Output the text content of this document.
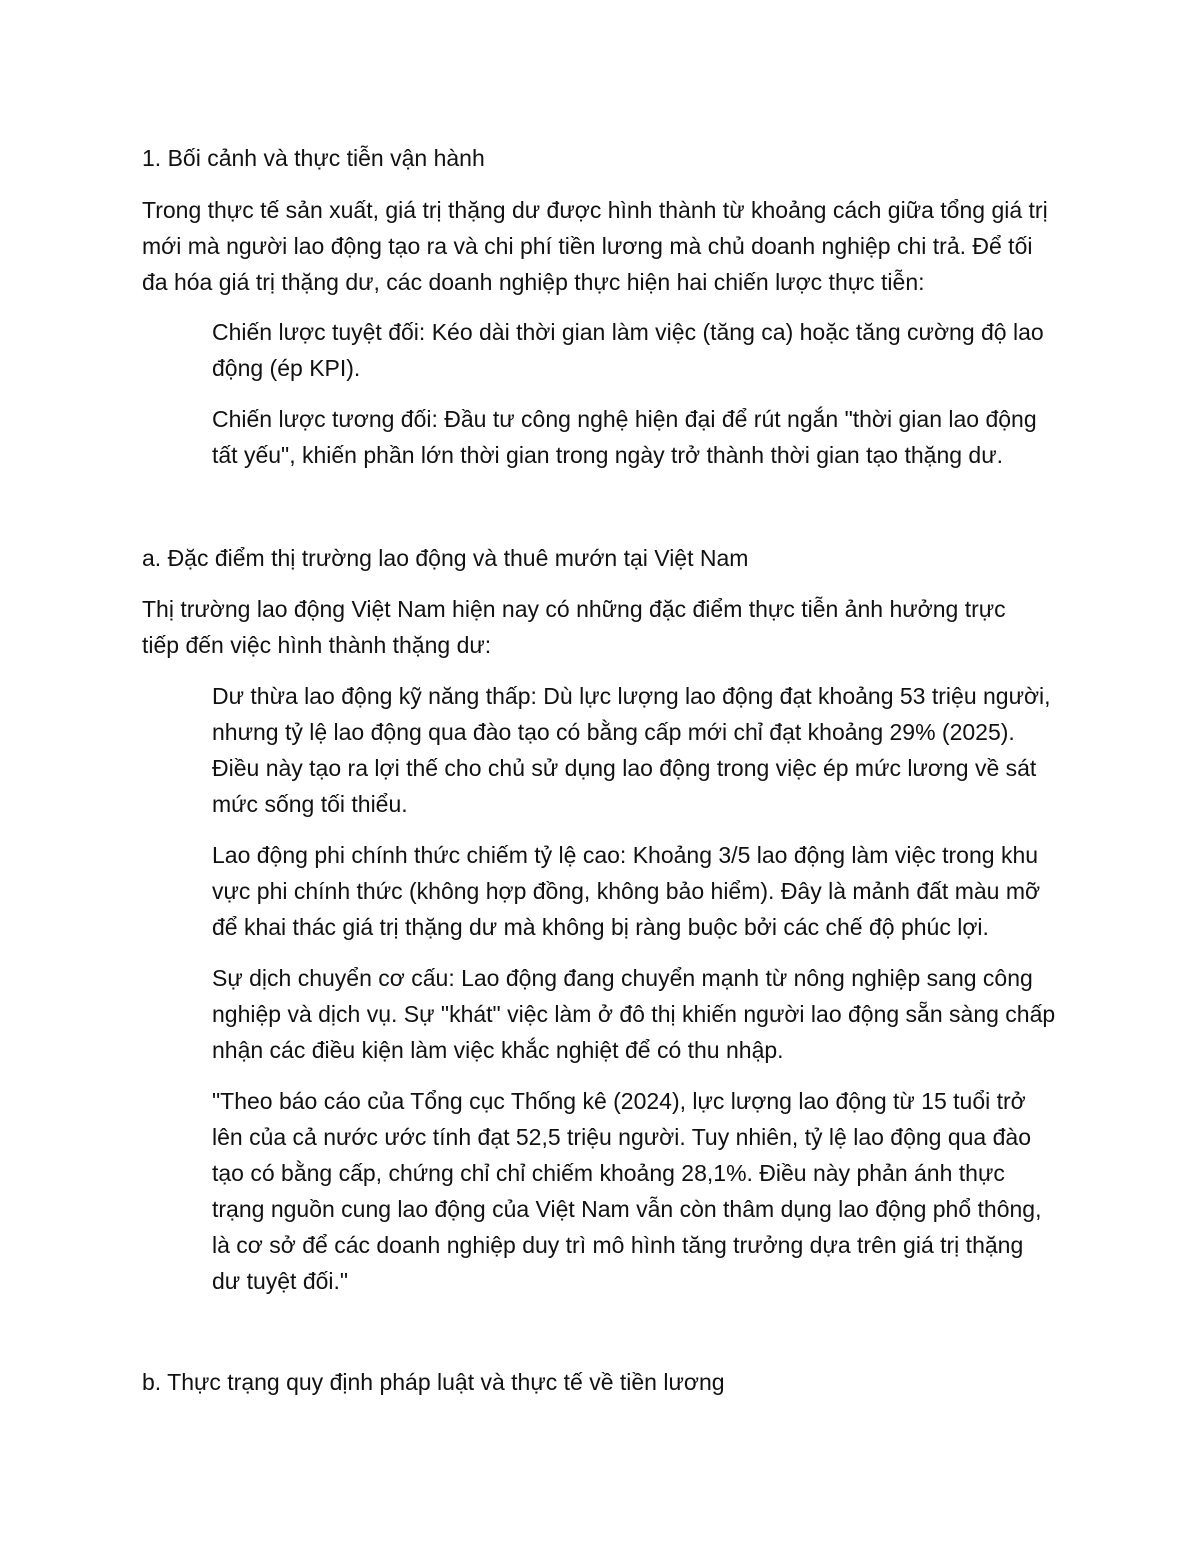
1. Bối cảnh và thực tiễn vận hành

Trong thực tế sản xuất, giá trị thặng dư được hình thành từ khoảng cách giữa tổng giá trị

mới mà người lao động tạo ra và chi phí tiền lương mà chủ doanh nghiệp chi trả. Để tối

đa hóa giá trị thặng dư, các doanh nghiệp thực hiện hai chiến lược thực tiễn:

Chiến lược tuyệt đối: Kéo dài thời gian làm việc (tăng ca) hoặc tăng cường độ lao

động (ép KPI).

Chiến lược tương đối: Đầu tư công nghệ hiện đại để rút ngắn "thời gian lao động

tất yếu", khiến phần lớn thời gian trong ngày trở thành thời gian tạo thặng dư.

a. Đặc điểm thị trường lao động và thuê mướn tại Việt Nam

Thị trường lao động Việt Nam hiện nay có những đặc điểm thực tiễn ảnh hưởng trực

tiếp đến việc hình thành thặng dư:

Dư thừa lao động kỹ năng thấp: Dù lực lượng lao động đạt khoảng 53 triệu người,

nhưng tỷ lệ lao động qua đào tạo có bằng cấp mới chỉ đạt khoảng 29% (2025).

Điều này tạo ra lợi thế cho chủ sử dụng lao động trong việc ép mức lương về sát

mức sống tối thiểu.

Lao động phi chính thức chiếm tỷ lệ cao: Khoảng 3/5 lao động làm việc trong khu

vực phi chính thức (không hợp đồng, không bảo hiểm). Đây là mảnh đất màu mỡ

để khai thác giá trị thặng dư mà không bị ràng buộc bởi các chế độ phúc lợi.

Sự dịch chuyển cơ cấu: Lao động đang chuyển mạnh từ nông nghiệp sang công

nghiệp và dịch vụ. Sự "khát" việc làm ở đô thị khiến người lao động sẵn sàng chấp

nhận các điều kiện làm việc khắc nghiệt để có thu nhập.

"Theo báo cáo của Tổng cục Thống kê (2024), lực lượng lao động từ 15 tuổi trở

lên của cả nước ước tính đạt 52,5 triệu người. Tuy nhiên, tỷ lệ lao động qua đào

tạo có bằng cấp, chứng chỉ chỉ chiếm khoảng 28,1%. Điều này phản ánh thực

trạng nguồn cung lao động của Việt Nam vẫn còn thâm dụng lao động phổ thông,

là cơ sở để các doanh nghiệp duy trì mô hình tăng trưởng dựa trên giá trị thặng

dư tuyệt đối."

b. Thực trạng quy định pháp luật và thực tế về tiền lương
